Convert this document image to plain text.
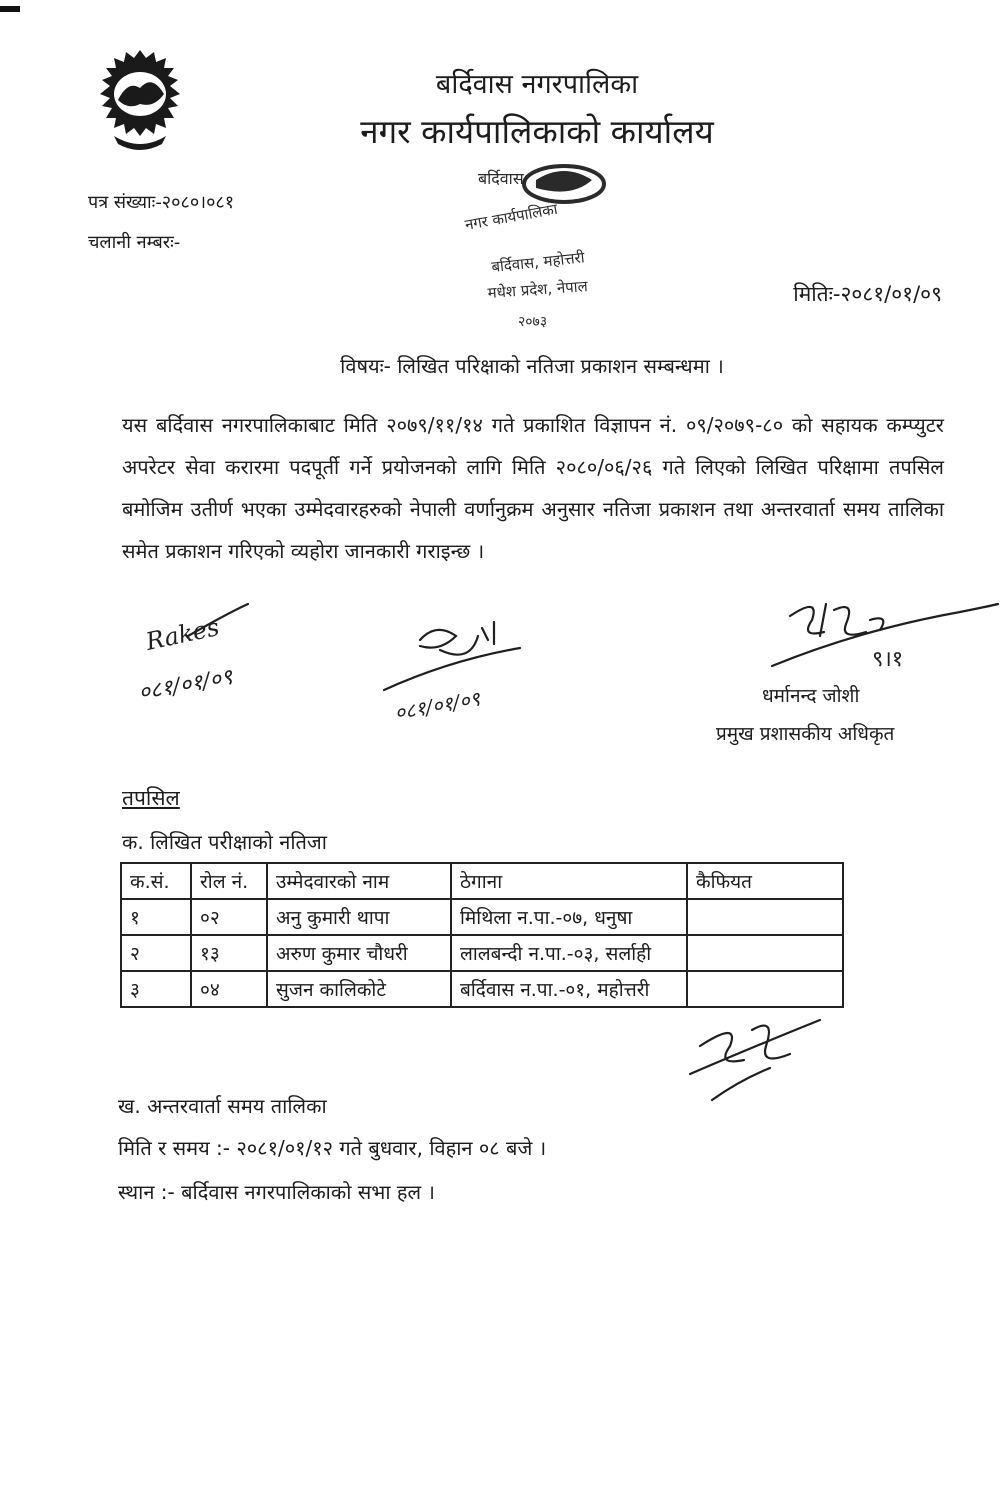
बर्दिवास नगरपालिका
नगर कार्यपालिकाको कार्यालय
पत्र संख्याः-२०८०।०८१
चलानी नम्बरः-
बर्दिवास
नगर कार्यपालिका
बर्दिवास, महोत्तरी
मधेश प्रदेश, नेपाल
२०७३
मितिः-२०८१/०१/०९
विषयः- लिखित परिक्षाको नतिजा प्रकाशन सम्बन्धमा ।
यस बर्दिवास नगरपालिकाबाट मिति २०७९/११/१४ गते प्रकाशित विज्ञापन नं. ०९/२०७९-८० को सहायक कम्प्युटर अपरेटर सेवा करारमा पदपूर्ती गर्ने प्रयोजनको लागि मिति २०८०/०६/२६ गते लिएको लिखित परिक्षामा तपसिल बमोजिम उतीर्ण भएका उम्मेदवारहरुको नेपाली वर्णानुक्रम अनुसार नतिजा प्रकाशन तथा अन्तरवार्ता समय तालिका समेत प्रकाशन गरिएको व्यहोरा जानकारी गराइन्छ ।
Rakes
०८१/०१/०९	०८१/०१/०९
९।१
धर्मानन्द जोशी
प्रमुख प्रशासकीय अधिकृत
तपसिल
क. लिखित परीक्षाको नतिजा
क.सं.	रोल नं.	उम्मेदवारको नाम	ठेगाना	कैफियत
१	०२	अनु कुमारी थापा	मिथिला न.पा.-०७, धनुषा	
२	१३	अरुण कुमार चौधरी	लालबन्दी न.पा.-०३, सर्लाही	
३	०४	सुजन कालिकोटे	बर्दिवास न.पा.-०१, महोत्तरी	
ख. अन्तरवार्ता समय तालिका
मिति र समय :- २०८१/०१/१२ गते बुधवार, विहान ०८ बजे ।
स्थान :- बर्दिवास नगरपालिकाको सभा हल ।
